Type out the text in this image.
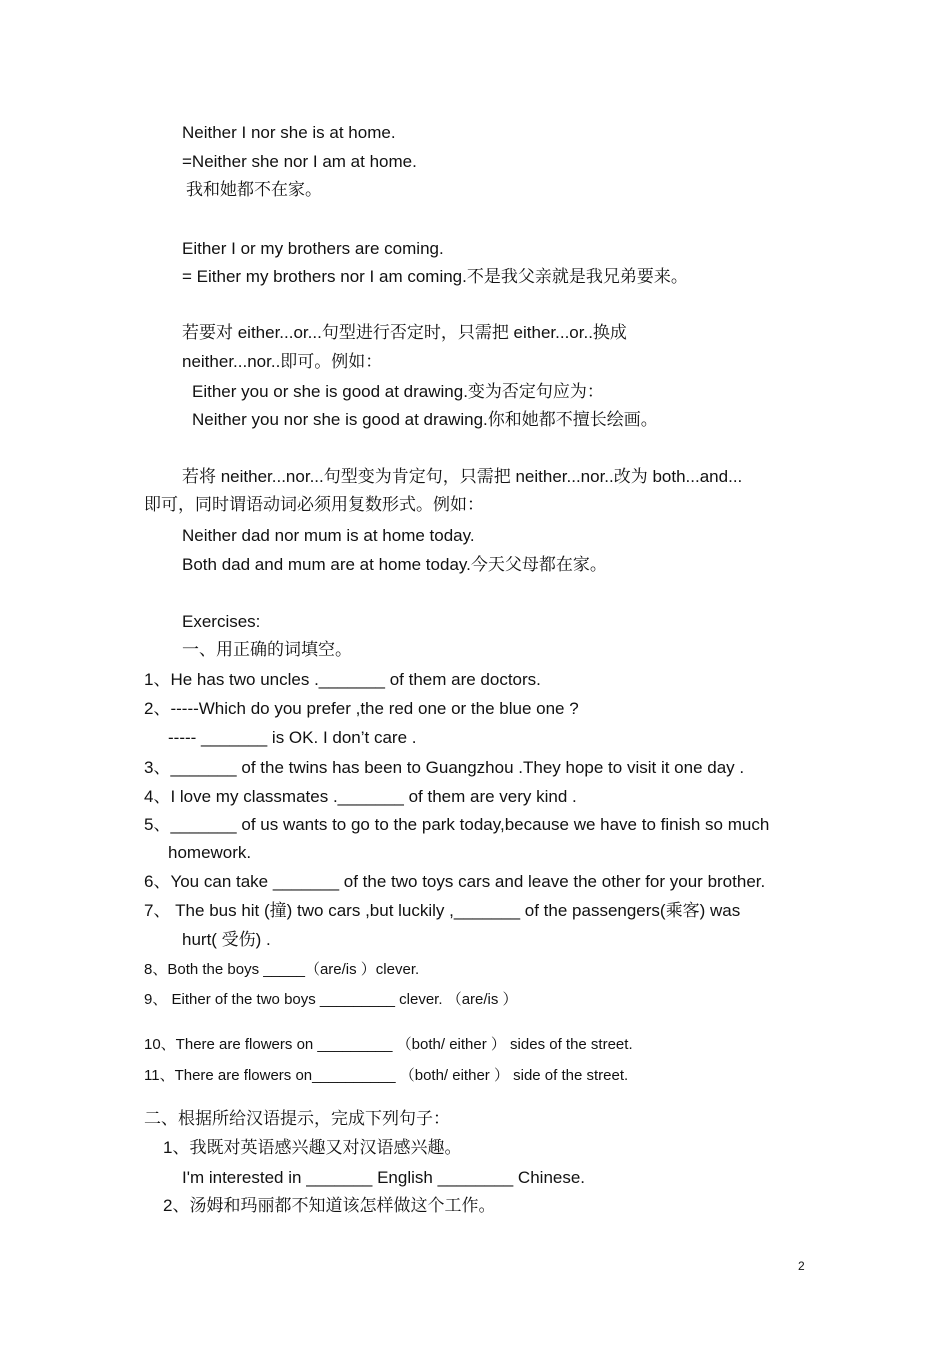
Neither I nor she is at home.
=Neither she nor I am at home.
我和她都不在家。
Either I or my brothers are coming.
= Either my brothers nor I am coming.不是我父亲就是我兄弟要来。
若要对 either...or...句型进行否定时，只需把 either...or..换成
neither...nor..即可。例如：
Either you or she is good at drawing.变为否定句应为：
Neither you nor she is good at drawing.你和她都不擅长绘画。
若将 neither...nor...句型变为肯定句，只需把 neither...nor..改为 both...and...
即可，同时谓语动词必须用复数形式。例如：
Neither dad nor mum is at home today.
Both dad and mum are at home today.今天父母都在家。
Exercises:
一、用正确的词填空。
1、He has two uncles ._______ of them are doctors.
2、-----Which do you prefer ,the red one or the blue one ?
----- _______ is OK. I don’t care .
3、_______ of the twins has been to Guangzhou .They hope to visit it one day .
4、I love my classmates ._______ of them are very kind .
5、_______ of us wants to go to the park today,because we have to finish so much
homework.
6、You can take _______ of the two toys cars and leave the other for your brother.
7、 The bus hit (撞) two cars ,but luckily ,_______ of the passengers(乘客) was
hurt( 受伤) .
8、Both the boys _____（are/is ）clever.
9、 Either of the two boys _________ clever. （are/is ）
10、There are flowers on _________ （both/ either ） sides of the street.
11、There are flowers on__________ （both/ either ） side of the street.
二、根据所给汉语提示，完成下列句子：
1、我既对英语感兴趣又对汉语感兴趣。
I'm interested in _______ English ________ Chinese.
2、汤姆和玛丽都不知道该怎样做这个工作。
2
